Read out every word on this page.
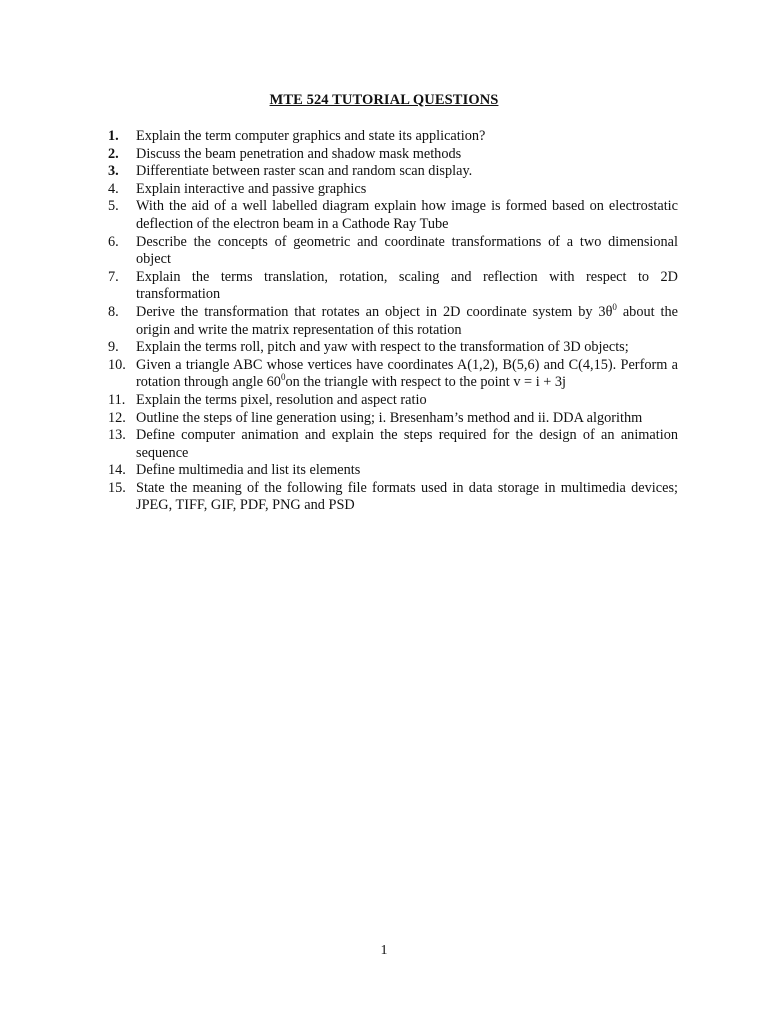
MTE 524 TUTORIAL QUESTIONS
1.	Explain the term computer graphics and state its application?
2.	Discuss the beam penetration and shadow mask methods
3.	Differentiate between raster scan and random scan display.
4.	Explain interactive and passive graphics
5.	With the aid of a well labelled diagram explain how image is formed based on electrostatic deflection of the electron beam in a Cathode Ray Tube
6.	Describe the concepts of geometric and coordinate transformations of a two dimensional object
7.	Explain the terms translation, rotation, scaling and reflection with respect to 2D transformation
8.	Derive the transformation that rotates an object in 2D coordinate system by $3\theta^0$ about the origin and write the matrix representation of this rotation
9.	Explain the terms roll, pitch and yaw with respect to the transformation of 3D objects;
10. Given a triangle ABC whose vertices have coordinates A(1,2), B(5,6) and C(4,15). Perform a rotation through angle $60^0on$ the triangle with respect to the point v = i + 3j
11. Explain the terms pixel, resolution and aspect ratio
12. Outline the steps of line generation using; i. Bresenham’s method and ii. DDA algorithm
13. Define computer animation and explain the steps required for the design of an animation sequence
14. Define multimedia and list its elements
15. State the meaning of the following file formats used in data storage in multimedia devices; JPEG, TIFF, GIF, PDF, PNG and PSD
1
